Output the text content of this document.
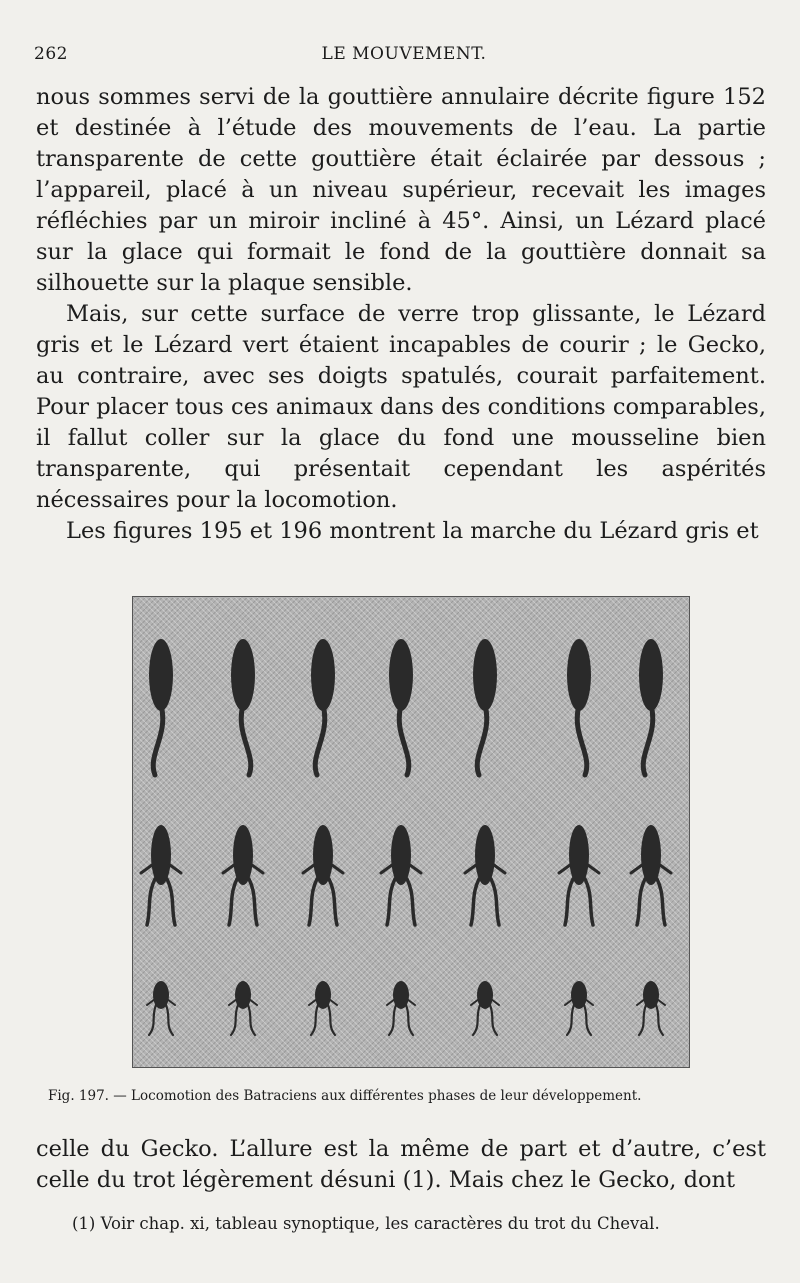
262	LE MOUVEMENT.

nous sommes servi de la gouttière annulaire décrite figure 152 et destinée à l’étude des mouvements de l’eau. La partie transparente de cette gouttière était éclairée par dessous ; l’appareil, placé à un niveau supérieur, recevait les images réfléchies par un miroir incliné à 45°. Ainsi, un Lézard placé sur la glace qui formait le fond de la gouttière donnait sa silhouette sur la plaque sensible.

Mais, sur cette surface de verre trop glissante, le Lézard gris et le Lézard vert étaient incapables de courir ; le Gecko, au contraire, avec ses doigts spatulés, courait parfaitement. Pour placer tous ces animaux dans des conditions comparables, il fallut coller sur la glace du fond une mousseline bien transparente, qui présentait cependant les aspérités nécessaires pour la locomotion.

Les figures 195 et 196 montrent la marche du Lézard gris et

Fig. 197. — Locomotion des Batraciens aux différentes phases de leur développement.

celle du Gecko. L’allure est la même de part et d’autre, c’est celle du trot légèrement désuni (1). Mais chez le Gecko, dont

(1) Voir chap. xi, tableau synoptique, les caractères du trot du Cheval.
